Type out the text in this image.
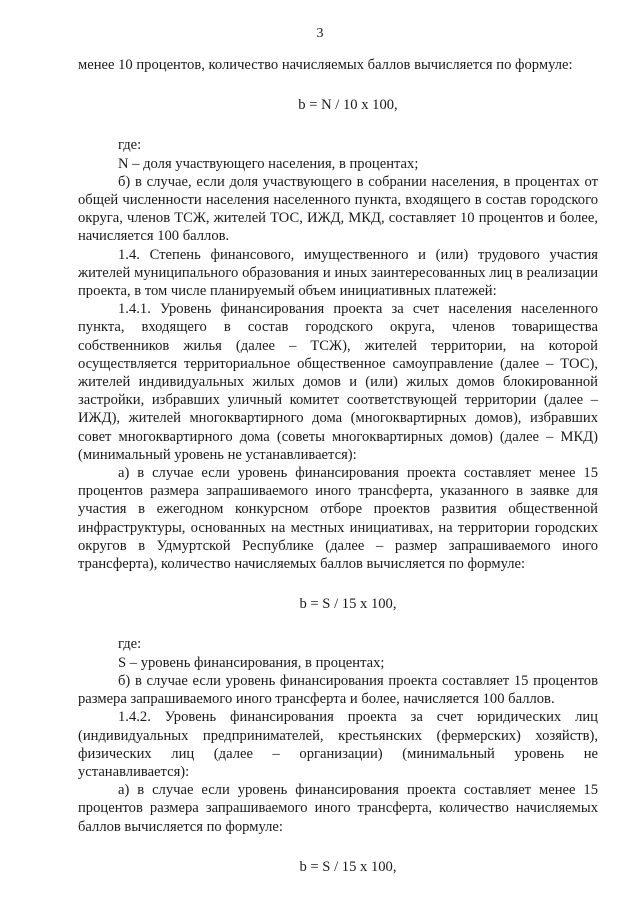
3

менее 10 процентов, количество начисляемых баллов вычисляется по формуле:

b = N / 10 x 100,

где:

N – доля участвующего населения, в процентах;

б) в случае, если доля участвующего в собрании населения, в процентах от общей численности населения населенного пункта, входящего в состав городского округа, членов ТСЖ, жителей ТОС, ИЖД, МКД, составляет 10 процентов и более, начисляется 100 баллов.

1.4. Степень финансового, имущественного и (или) трудового участия жителей муниципального образования и иных заинтересованных лиц в реализации проекта, в том числе планируемый объем инициативных платежей:

1.4.1. Уровень финансирования проекта за счет населения населенного пункта, входящего в состав городского округа, членов товарищества собственников жилья (далее – ТСЖ), жителей территории, на которой осуществляется территориальное общественное самоуправление (далее – ТОС), жителей индивидуальных жилых домов и (или) жилых домов блокированной застройки, избравших уличный комитет соответствующей территории (далее – ИЖД), жителей многоквартирного дома (многоквартирных домов), избравших совет многоквартирного дома (советы многоквартирных домов) (далее – МКД) (минимальный уровень не устанавливается):

а) в случае если уровень финансирования проекта составляет менее 15 процентов размера запрашиваемого иного трансферта, указанного в заявке для участия в ежегодном конкурсном отборе проектов развития общественной инфраструктуры, основанных на местных инициативах, на территории городских округов в Удмуртской Республике (далее – размер запрашиваемого иного трансферта), количество начисляемых баллов вычисляется по формуле:

b = S / 15 x 100,

где:

S – уровень финансирования, в процентах;

б) в случае если уровень финансирования проекта составляет 15 процентов размера запрашиваемого иного трансферта и более, начисляется 100 баллов.

1.4.2. Уровень финансирования проекта за счет юридических лиц (индивидуальных предпринимателей, крестьянских (фермерских) хозяйств), физических лиц (далее – организации) (минимальный уровень не устанавливается):

а) в случае если уровень финансирования проекта составляет менее 15 процентов размера запрашиваемого иного трансферта, количество начисляемых баллов вычисляется по формуле:

b = S / 15 x 100,
